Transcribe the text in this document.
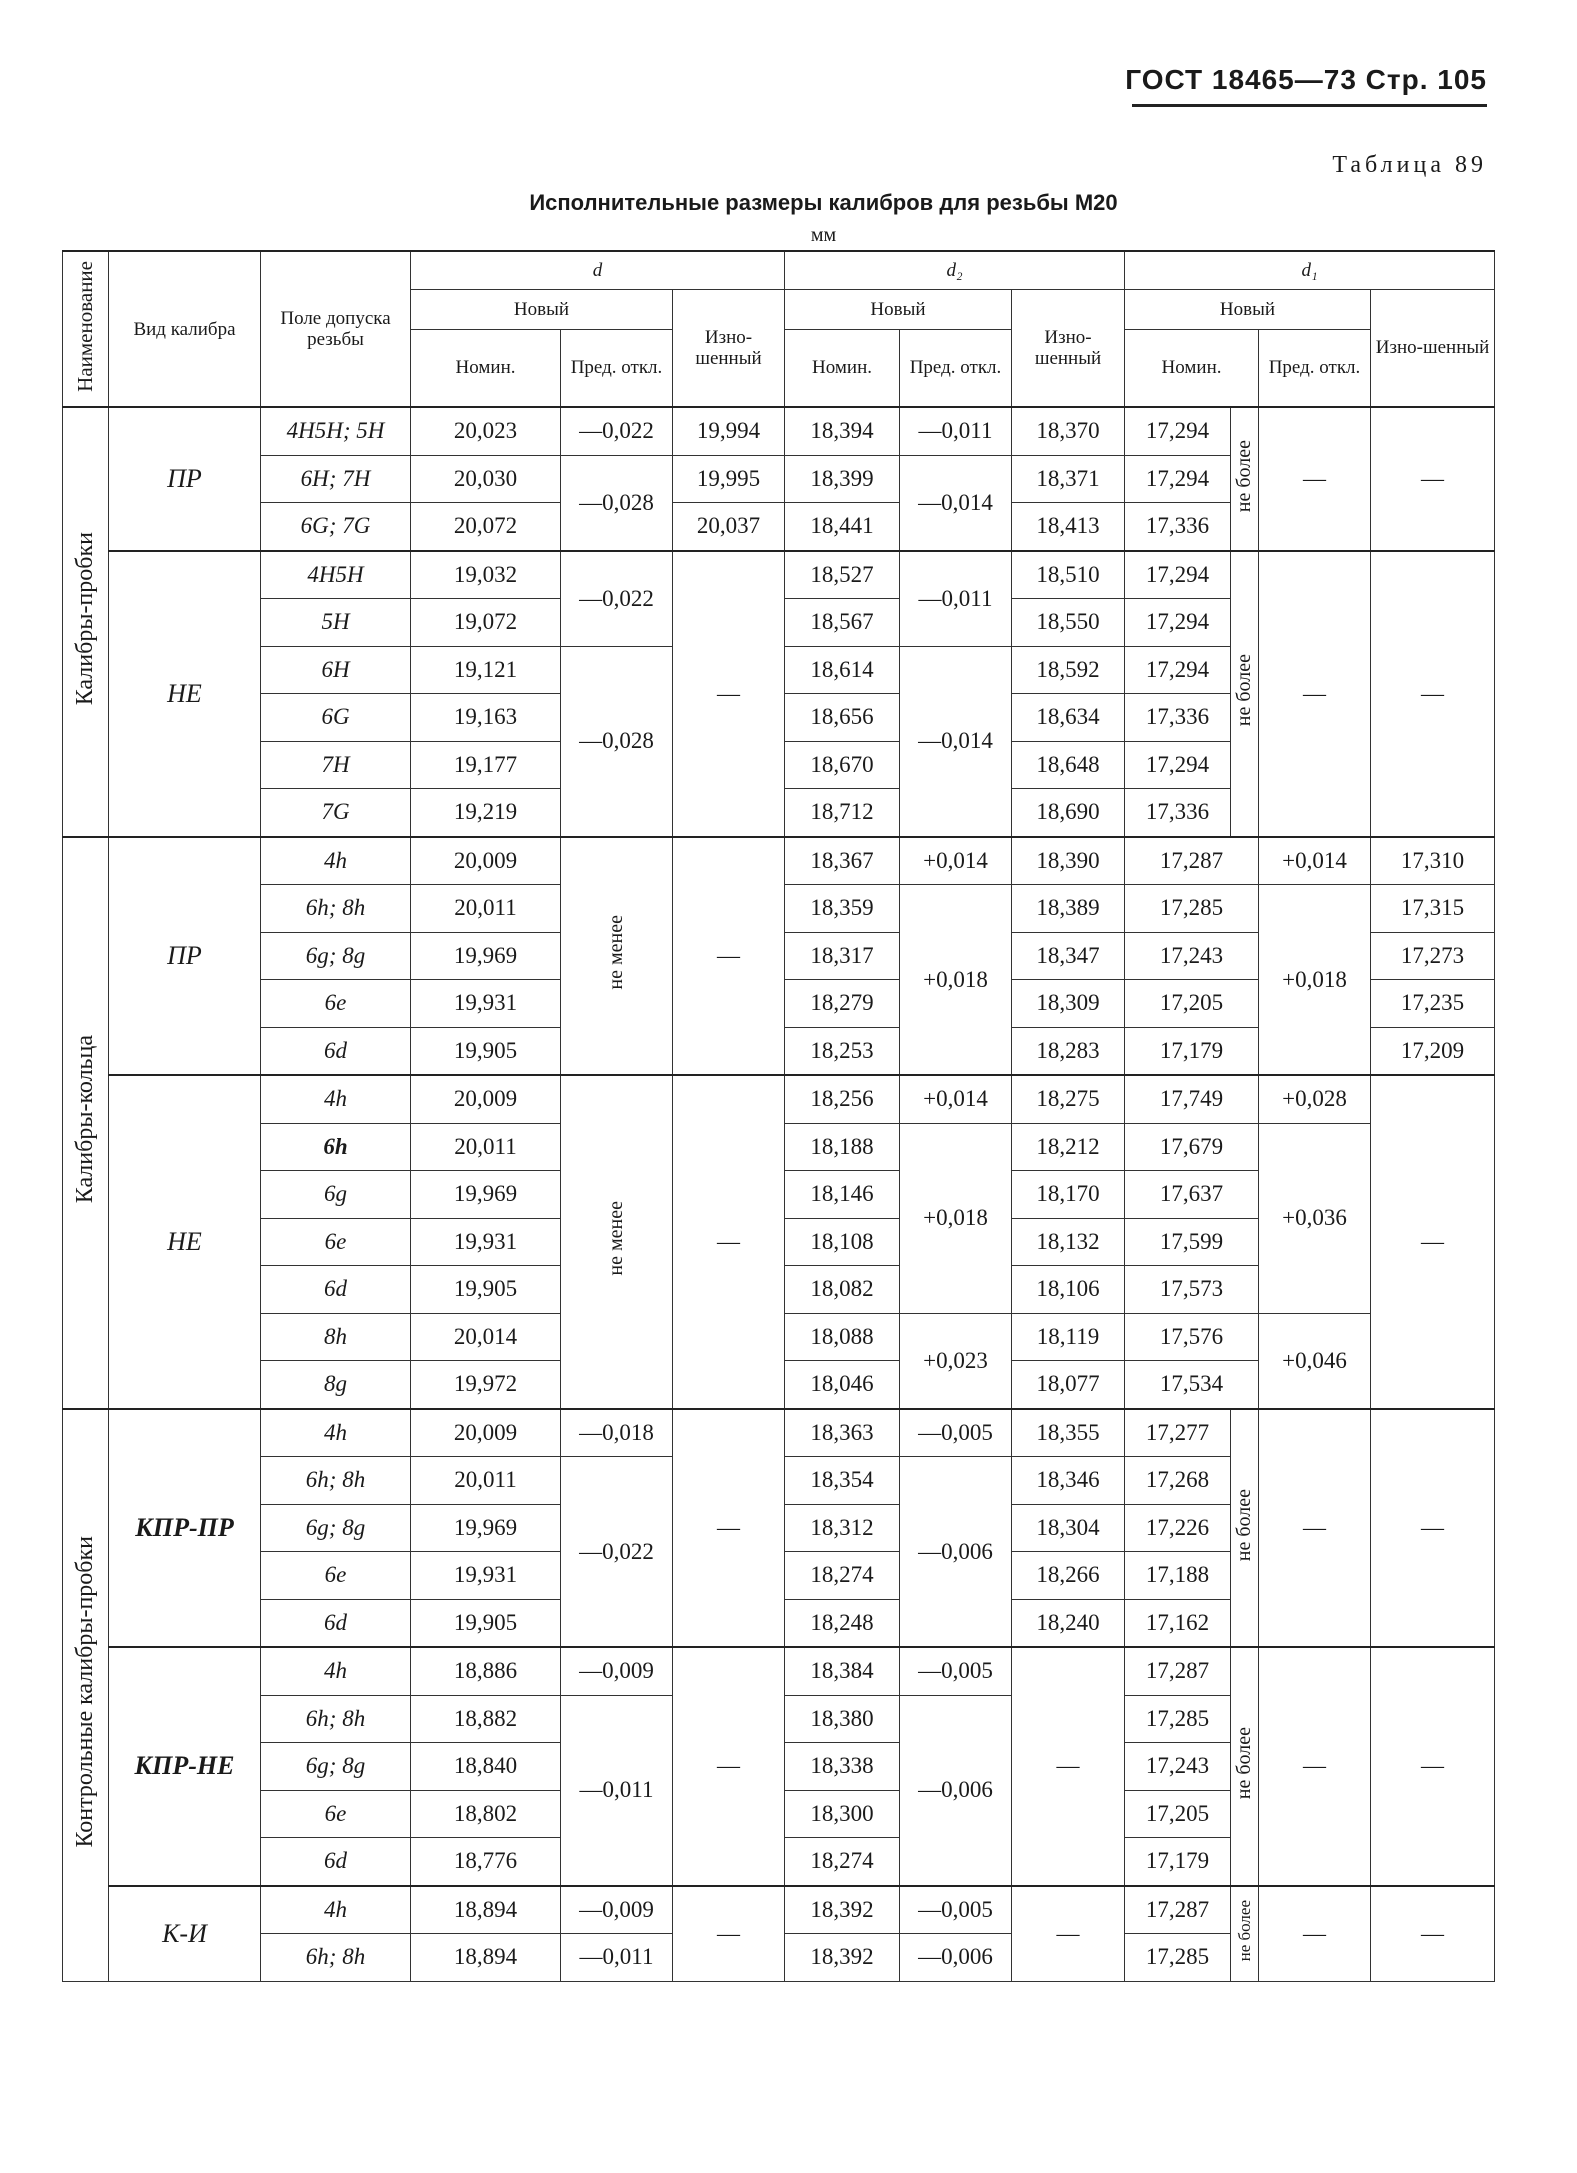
ГОСТ 18465—73 Стр. 105
Таблица 89
Исполнительные размеры калибров для резьбы М20
мм
Наименование	Вид калибра	Поле допуска резьбы	d			d₂			d₁			
			Новый		Изно-шенный	Новый		Изно-шенный	Новый			Изно-шенный
			Номин.	Пред. откл.		Номин.	Пред. откл.		Номин.		Пред. откл.	
Калибры-пробки	ПР	4Н5Н; 5Н	20,023	—0,022	19,994	18,394	—0,011	18,370	17,294	не более	—	—
		6Н; 7Н	20,030	—0,028	19,995	18,399	—0,014	18,371	17,294			
		6G; 7G	20,072		20,037	18,441		18,413	17,336			
	НЕ	4Н5Н	19,032	—0,022	—	18,527	—0,011	18,510	17,294	не более	—	—
		5Н	19,072			18,567		18,550	17,294			
		6Н	19,121	—0,028		18,614	—0,014	18,592	17,294			
		6G	19,163			18,656		18,634	17,336			
		7Н	19,177			18,670		18,648	17,294			
		7G	19,219			18,712		18,690	17,336			
Калибры-кольца	ПР	4h	20,009	не менее	—	18,367	+0,014	18,390	17,287		+0,014	17,310
		6h; 8h	20,011			18,359	+0,018	18,389	17,285		+0,018	17,315
		6g; 8g	19,969			18,317		18,347	17,243			17,273
		6e	19,931			18,279		18,309	17,205			17,235
		6d	19,905			18,253		18,283	17,179			17,209
	НЕ	4h	20,009	не менее	—	18,256	+0,014	18,275	17,749		+0,028	—
		6h	20,011			18,188	+0,018	18,212	17,679		+0,036	
		6g	19,969			18,146		18,170	17,637			
		6e	19,931			18,108		18,132	17,599			
		6d	19,905			18,082		18,106	17,573			
		8h	20,014			18,088	+0,023	18,119	17,576		+0,046	
		8g	19,972			18,046		18,077	17,534			
Контрольные калибры-пробки	КПР-ПР	4h	20,009	—0,018	—	18,363	—0,005	18,355	17,277	не более	—	—
		6h; 8h	20,011	—0,022		18,354	—0,006	18,346	17,268			
		6g; 8g	19,969			18,312		18,304	17,226			
		6e	19,931			18,274		18,266	17,188			
		6d	19,905			18,248		18,240	17,162			
	КПР-НЕ	4h	18,886	—0,009	—	18,384	—0,005	—	17,287	не более	—	—
		6h; 8h	18,882	—0,011		18,380	—0,006		17,285			
		6g; 8g	18,840			18,338			17,243			
		6e	18,802			18,300			17,205			
		6d	18,776			18,274			17,179			
	К-И	4h	18,894	—0,009	—	18,392	—0,005	—	17,287	не более	—	—
		6h; 8h	18,894	—0,011		18,392	—0,006		17,285			
